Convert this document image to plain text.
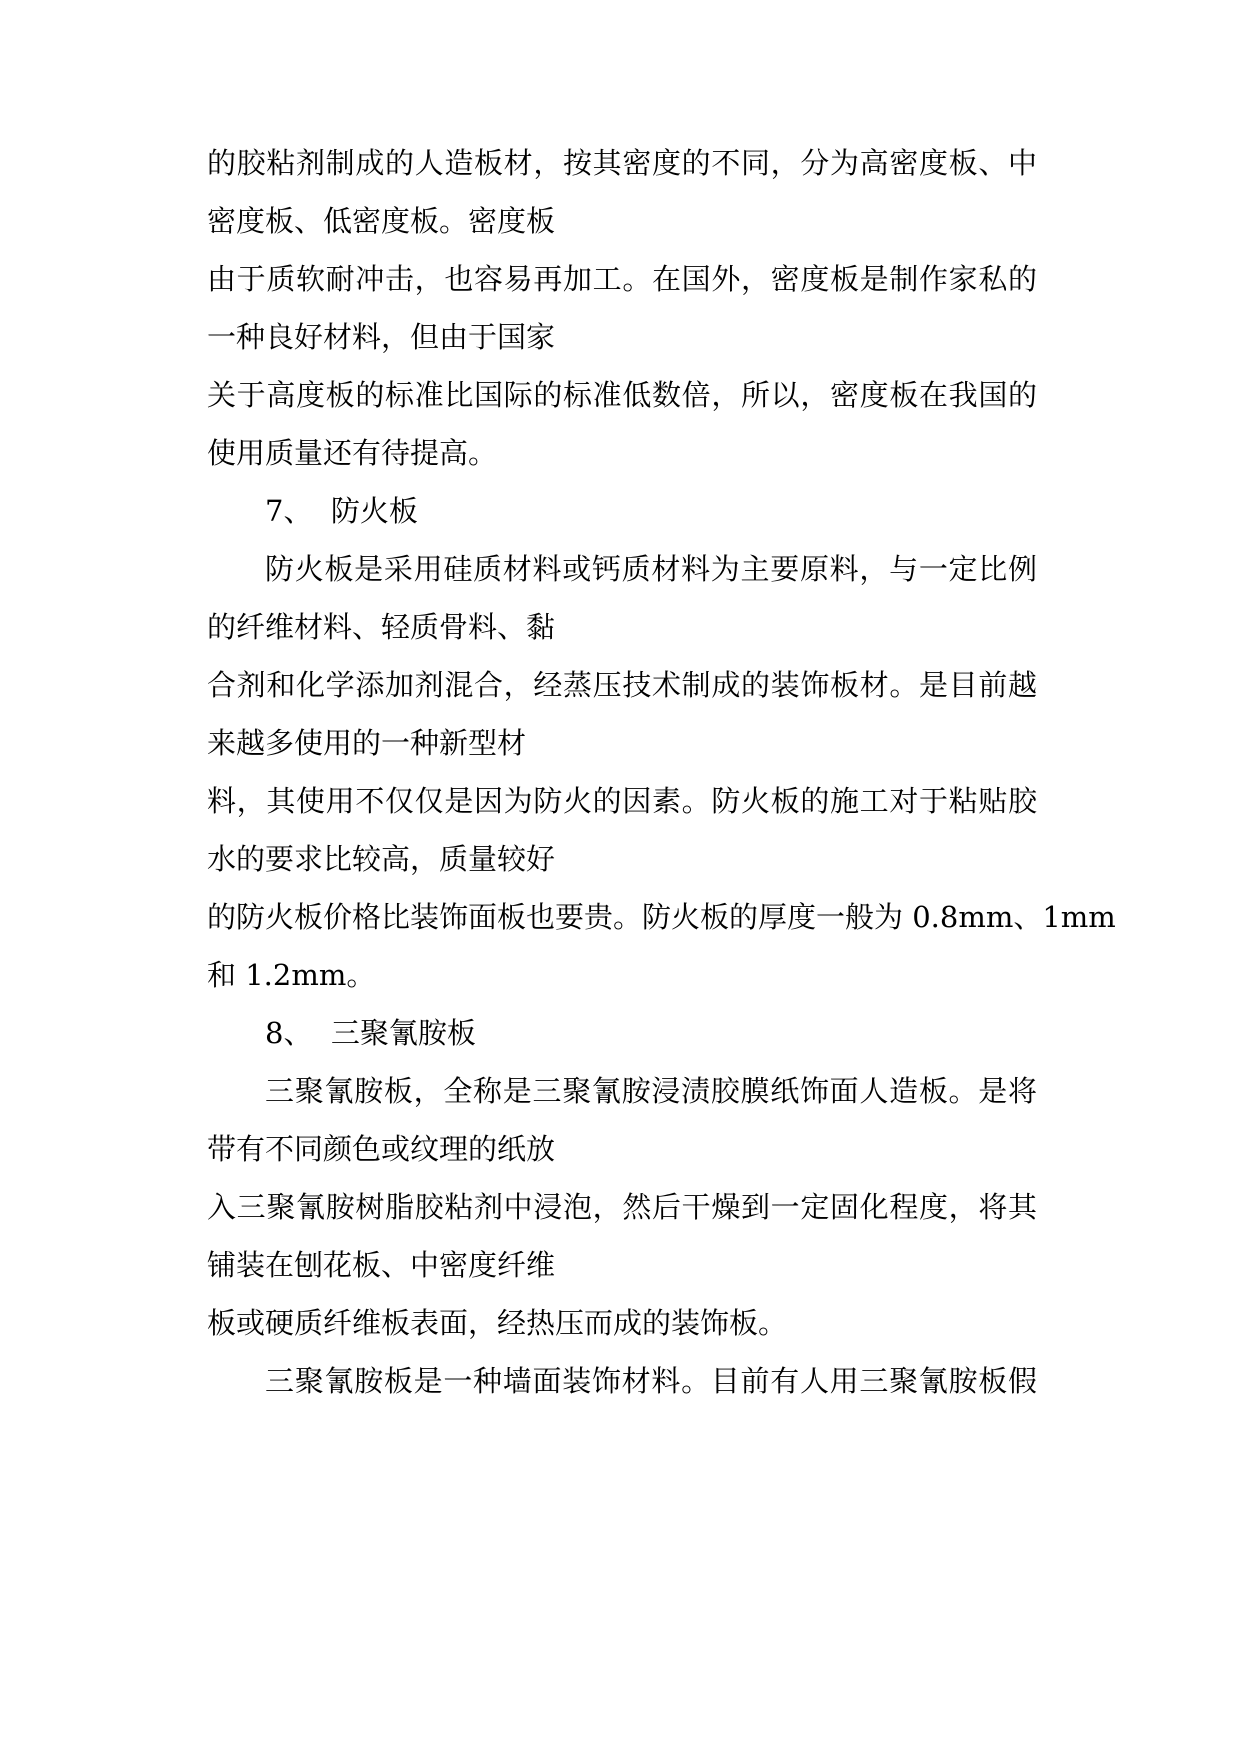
的胶粘剂制成的人造板材，按其密度的不同，分为高密度板、中

密度板、低密度板。密度板

由于质软耐冲击，也容易再加工。在国外，密度板是制作家私的

一种良好材料，但由于国家

关于高度板的标准比国际的标准低数倍，所以，密度板在我国的

使用质量还有待提高。

7、  防火板

防火板是采用硅质材料或钙质材料为主要原料，与一定比例

的纤维材料、轻质骨料、黏

合剂和化学添加剂混合，经蒸压技术制成的装饰板材。是目前越

来越多使用的一种新型材

料，其使用不仅仅是因为防火的因素。防火板的施工对于粘贴胶

水的要求比较高，质量较好

的防火板价格比装饰面板也要贵。防火板的厚度一般为 0.8mm、1mm

和 1.2mm。

8、  三聚氰胺板

三聚氰胺板，全称是三聚氰胺浸渍胶膜纸饰面人造板。是将

带有不同颜色或纹理的纸放

入三聚氰胺树脂胶粘剂中浸泡，然后干燥到一定固化程度，将其

铺装在刨花板、中密度纤维

板或硬质纤维板表面，经热压而成的装饰板。

三聚氰胺板是一种墙面装饰材料。目前有人用三聚氰胺板假
